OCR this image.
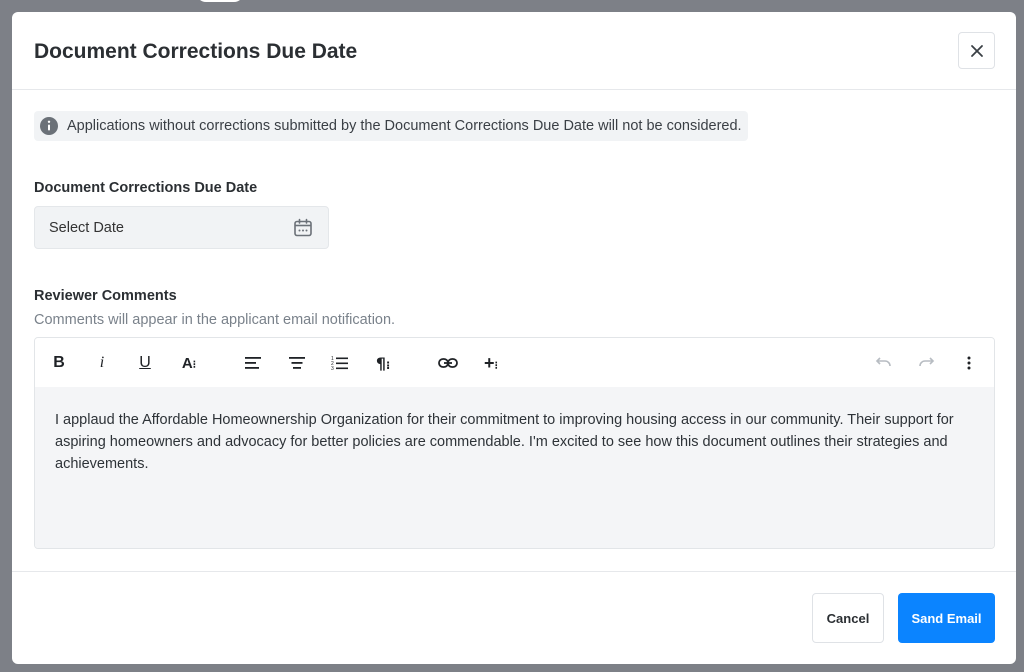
Document Corrections Due Date
Applications without corrections submitted by the Document Corrections Due Date will not be considered.
Document Corrections Due Date
Select Date
Reviewer Comments
Comments will appear in the applicant email notification.
B i U A⁝	1
2
3	¶⁝	+⁝
I applaud the Affordable Homeownership Organization for their commitment to improving housing access in our community. Their support for aspiring homeowners and advocacy for better policies are commendable. I'm excited to see how this document outlines their strategies and achievements.
Cancel	Sand Email
